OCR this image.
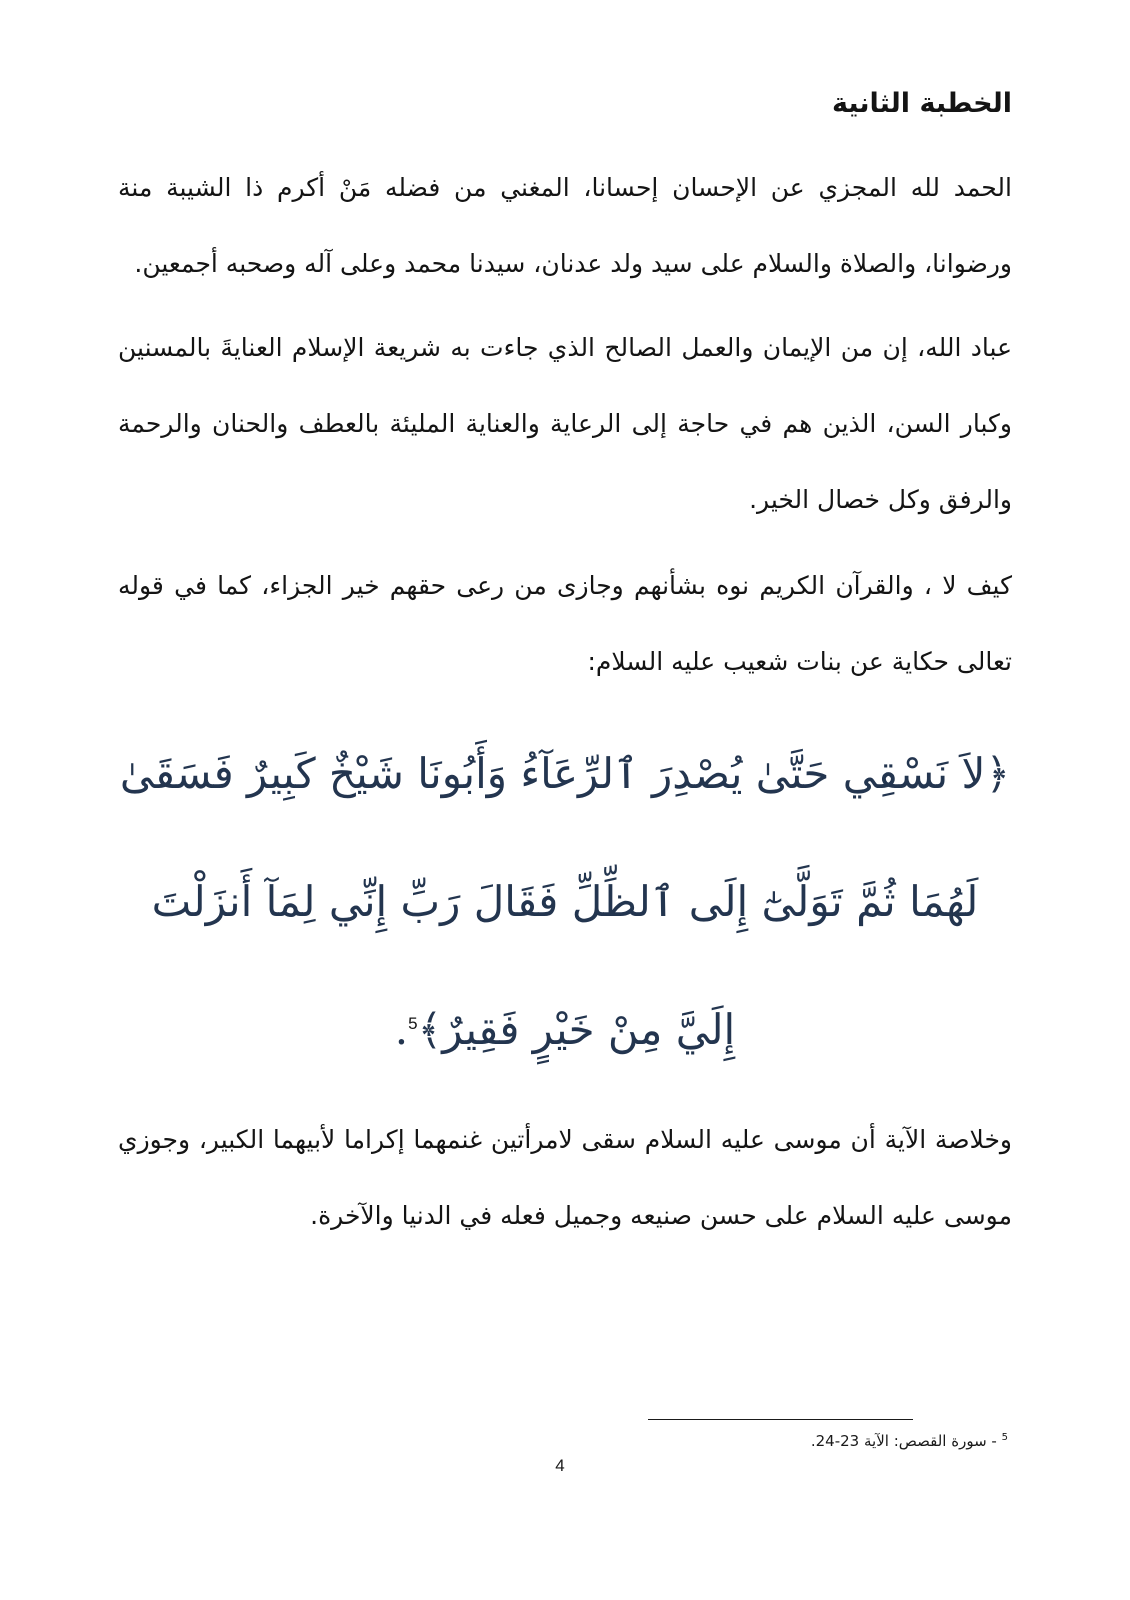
الخطبة الثانية

الحمد لله المجزي عن الإحسان إحسانا، المغني من فضله مَنْ أكرم ذا الشيبة منة ورضوانا، والصلاة والسلام على سيد ولد عدنان، سيدنا محمد وعلى آله وصحبه أجمعين.

عباد الله، إن من الإيمان والعمل الصالح الذي جاءت به شريعة الإسلام العنايةَ بالمسنين وكبار السن، الذين هم في حاجة إلى الرعاية والعناية المليئة بالعطف والحنان والرحمة والرفق وكل خصال الخير.

كيف لا ، والقرآن الكريم نوه بشأنهم وجازى من رعى حقهم خير الجزاء، كما في قوله تعالى حكاية عن بنات شعيب عليه السلام:

﴿لاَ نَسْقِي حَتَّىٰ يُصْدِرَ ٱلرِّعَآءُ وَأَبُونَا شَيْخٌ كَبِيرٌ فَسَقَىٰ لَهُمَا ثُمَّ تَوَلَّىٰٓ إِلَى ٱلظِّلِّ فَقَالَ رَبِّ إِنِّي لِمَآ أَنزَلْتَ إِلَيَّ مِنْ خَيْرٍ فَقِيرٌ﴾$^5$.

وخلاصة الآية أن موسى عليه السلام سقى لامرأتين غنمهما إكراما لأبيهما الكبير، وجوزي موسى عليه السلام على حسن صنيعه وجميل فعله في الدنيا والآخرة.

$^5$ - سورة القصص: الآية 23-24.
4
